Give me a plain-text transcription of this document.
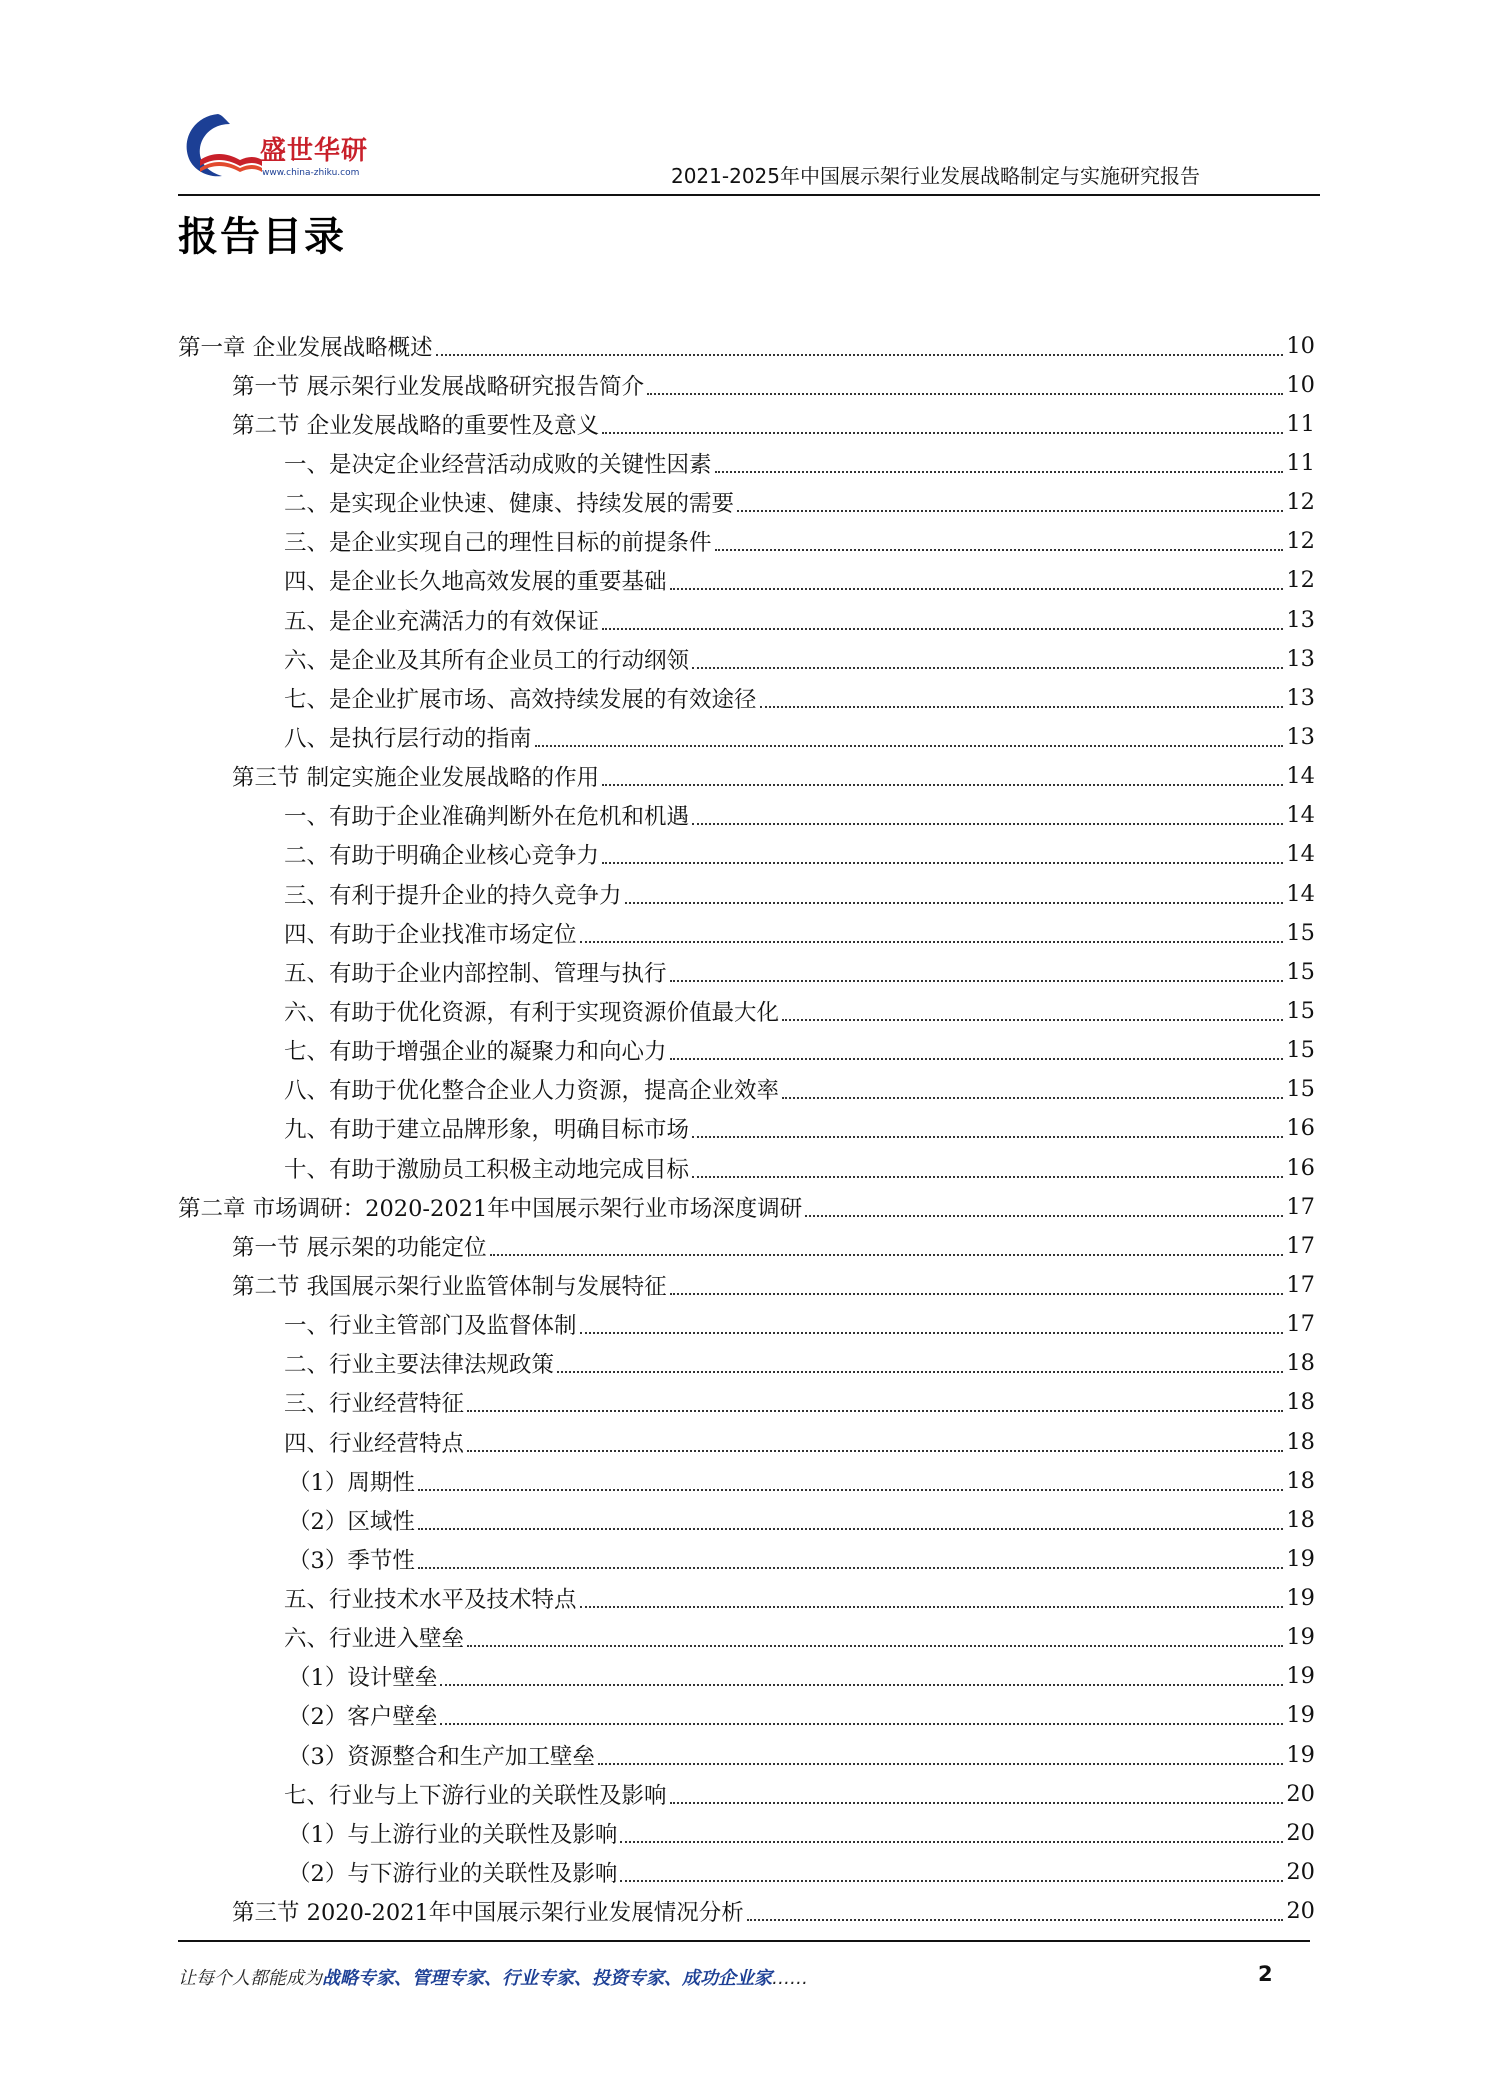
盛世华研
www.china-zhiku.com	2021-2025年中国展示架行业发展战略制定与实施研究报告
报告目录
第一章 企业发展战略概述	10
第一节 展示架行业发展战略研究报告简介	10
第二节 企业发展战略的重要性及意义	11
一、是决定企业经营活动成败的关键性因素	11
二、是实现企业快速、健康、持续发展的需要	12
三、是企业实现自己的理性目标的前提条件	12
四、是企业长久地高效发展的重要基础	12
五、是企业充满活力的有效保证	13
六、是企业及其所有企业员工的行动纲领	13
七、是企业扩展市场、高效持续发展的有效途径	13
八、是执行层行动的指南	13
第三节 制定实施企业发展战略的作用	14
一、有助于企业准确判断外在危机和机遇	14
二、有助于明确企业核心竞争力	14
三、有利于提升企业的持久竞争力	14
四、有助于企业找准市场定位	15
五、有助于企业内部控制、管理与执行	15
六、有助于优化资源，有利于实现资源价值最大化	15
七、有助于增强企业的凝聚力和向心力	15
八、有助于优化整合企业人力资源，提高企业效率	15
九、有助于建立品牌形象，明确目标市场	16
十、有助于激励员工积极主动地完成目标	16
第二章 市场调研：2020-2021年中国展示架行业市场深度调研	17
第一节 展示架的功能定位	17
第二节 我国展示架行业监管体制与发展特征	17
一、行业主管部门及监督体制	17
二、行业主要法律法规政策	18
三、行业经营特征	18
四、行业经营特点	18
（1）周期性	18
（2）区域性	18
（3）季节性	19
五、行业技术水平及技术特点	19
六、行业进入壁垒	19
（1）设计壁垒	19
（2）客户壁垒	19
（3）资源整合和生产加工壁垒	19
七、行业与上下游行业的关联性及影响	20
（1）与上游行业的关联性及影响	20
（2）与下游行业的关联性及影响	20
第三节 2020-2021年中国展示架行业发展情况分析	20
让每个人都能成为战略专家、管理专家、行业专家、投资专家、成功企业家……	2
